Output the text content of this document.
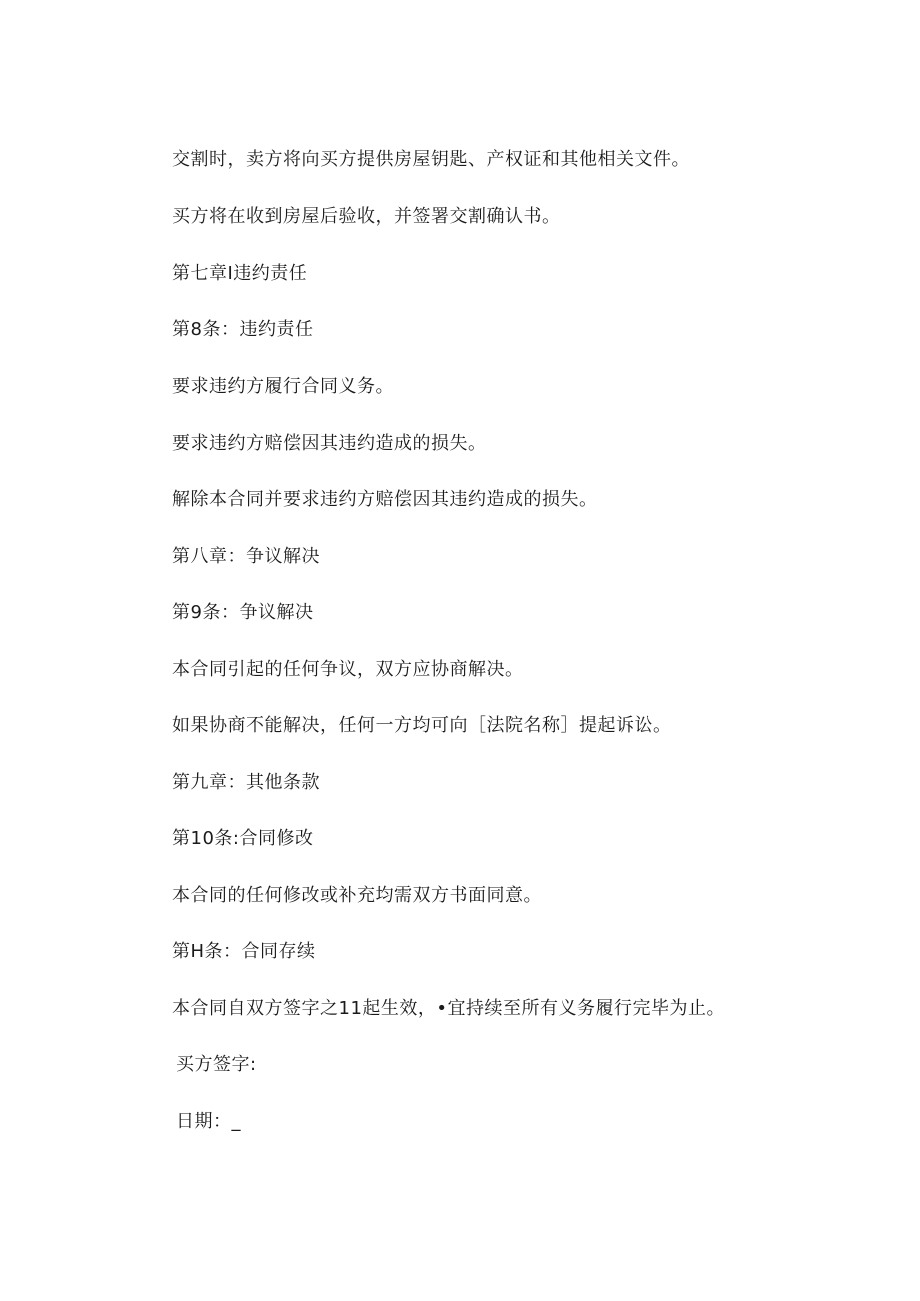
交割时，卖方将向买方提供房屋钥匙、产权证和其他相关文件。
买方将在收到房屋后验收，并签署交割确认书。
第七章I违约责任
第8条：违约责任
要求违约方履行合同义务。
要求违约方赔偿因其违约造成的损失。
解除本合同并要求违约方赔偿因其违约造成的损失。
第八章：争议解决
第9条：争议解决
本合同引起的任何争议，双方应协商解决。
如果协商不能解决，任何一方均可向［法院名称］提起诉讼。
第九章：其他条款
第10条:合同修改
本合同的任何修改或补充均需双方书面同意。
第H条：合同存续
本合同自双方签字之11起生效，•宜持续至所有义务履行完毕为止。
买方签字:
日期：_
